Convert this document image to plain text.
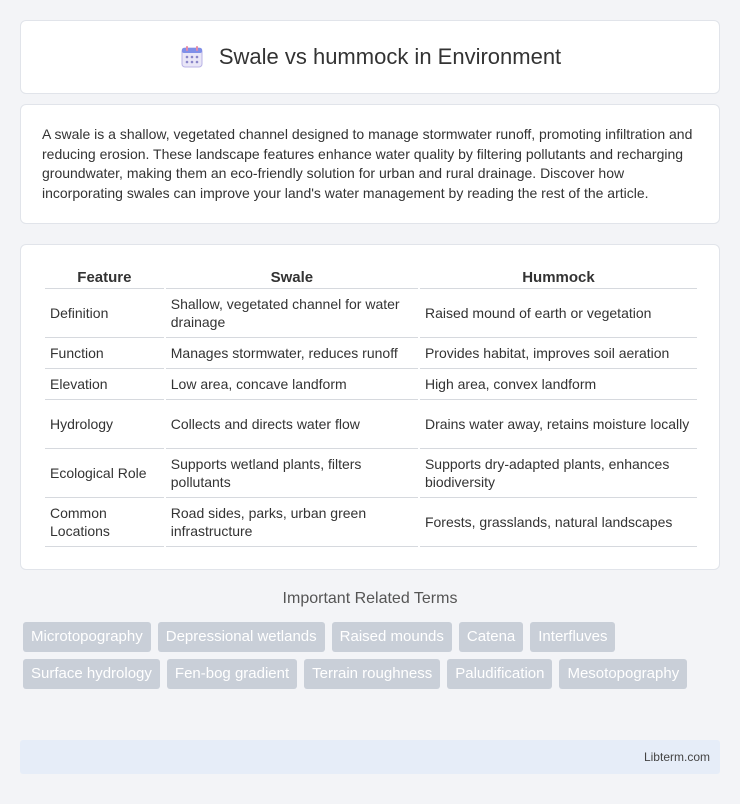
Swale vs hummock in Environment

A swale is a shallow, vegetated channel designed to manage stormwater runoff, promoting infiltration and reducing erosion. These landscape features enhance water quality by filtering pollutants and recharging groundwater, making them an eco-friendly solution for urban and rural drainage. Discover how incorporating swales can improve your land's water management by reading the rest of the article.

Feature	Swale	Hummock
Definition	Shallow, vegetated channel for water drainage	Raised mound of earth or vegetation
Function	Manages stormwater, reduces runoff	Provides habitat, improves soil aeration
Elevation	Low area, concave landform	High area, convex landform
Hydrology	Collects and directs water flow	Drains water away, retains moisture locally
Ecological Role	Supports wetland plants, filters pollutants	Supports dry-adapted plants, enhances biodiversity
Common Locations	Road sides, parks, urban green infrastructure	Forests, grasslands, natural landscapes
Important Related Terms
Microtopography	Depressional wetlands	Raised mounds	Catena	Interfluves
Surface hydrology	Fen-bog gradient	Terrain roughness	Paludification	Mesotopography
Libterm.com
